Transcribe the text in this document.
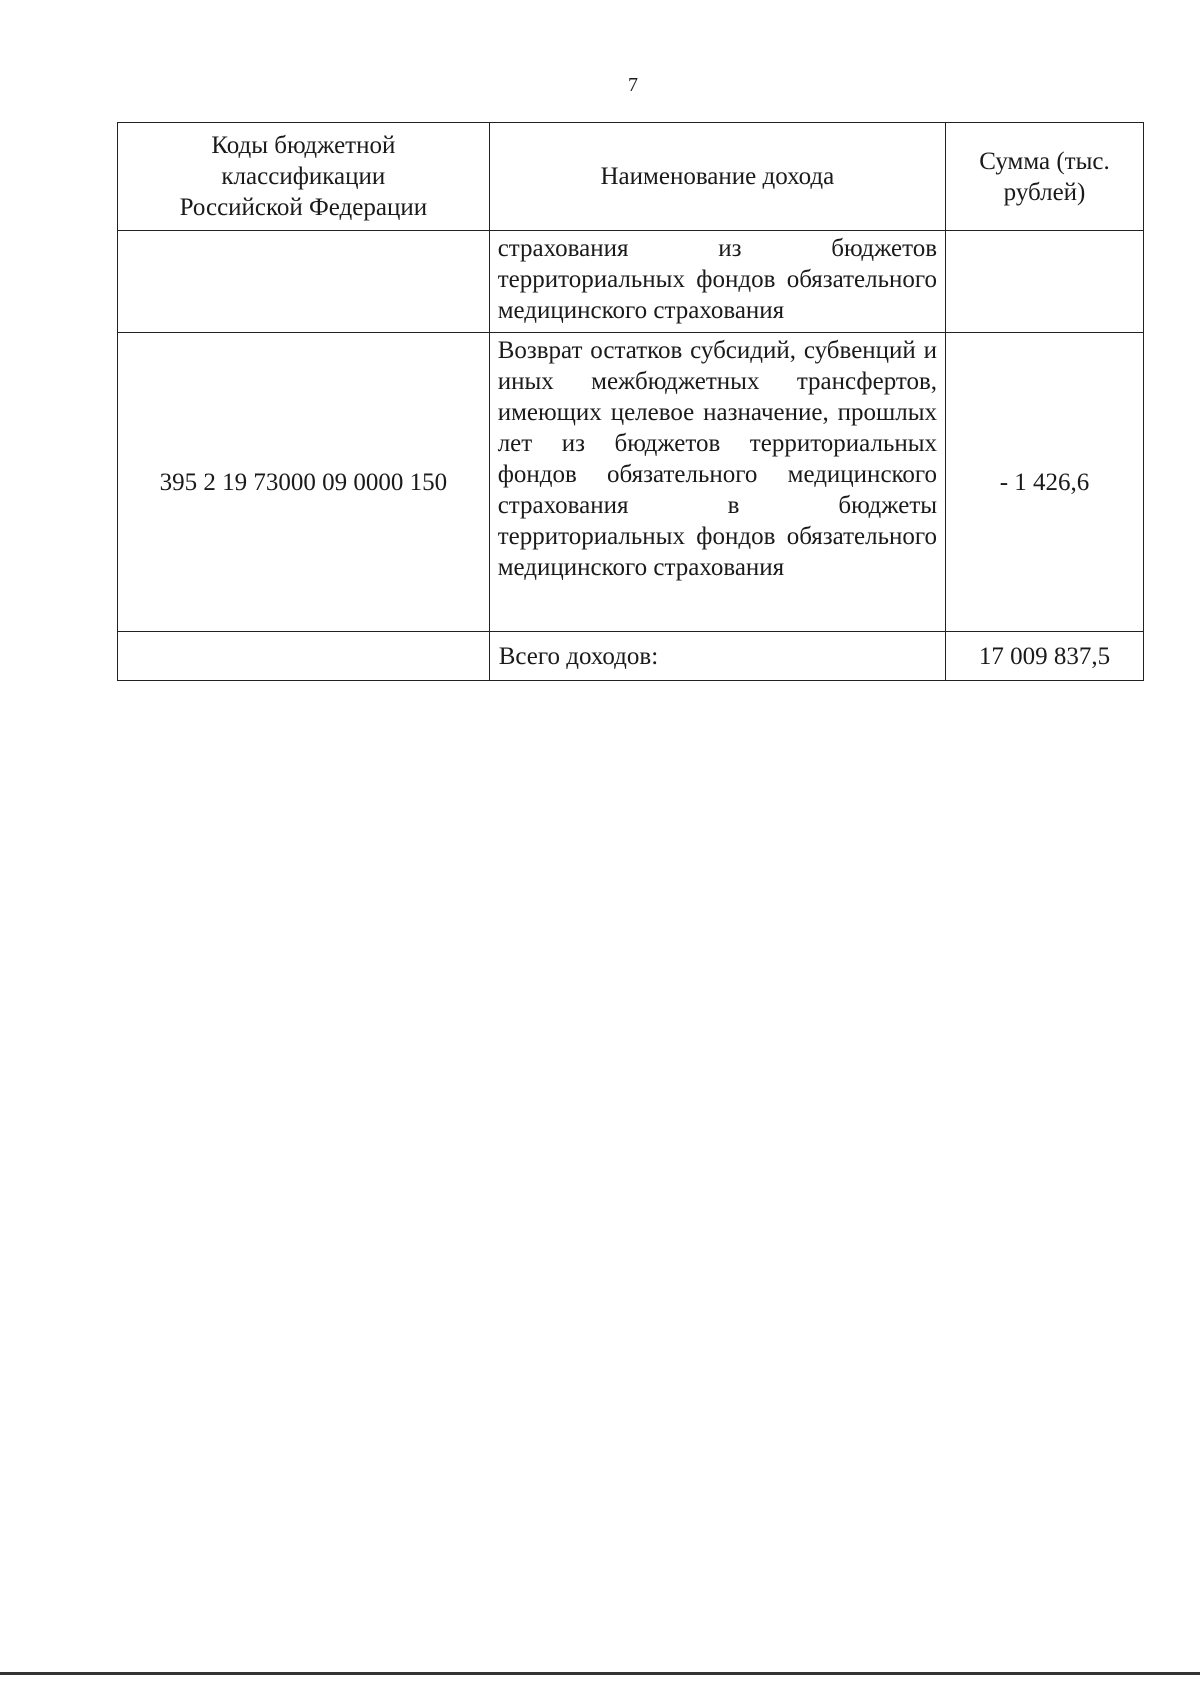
7
Коды бюджетной классификации Российской Федерации	Наименование дохода	Сумма (тыс. рублей)

	страхования из бюджетов территориальных фондов обязательного медицинского страхования	
395 2 19 73000 09 0000 150	Возврат остатков субсидий, субвенций и иных межбюджетных трансфертов, имеющих целевое назначение, прошлых лет из бюджетов территориальных фондов обязательного медицинского страхования в бюджеты территориальных фондов обязательного медицинского страхования	- 1 426,6
	Всего доходов:	17 009 837,5
